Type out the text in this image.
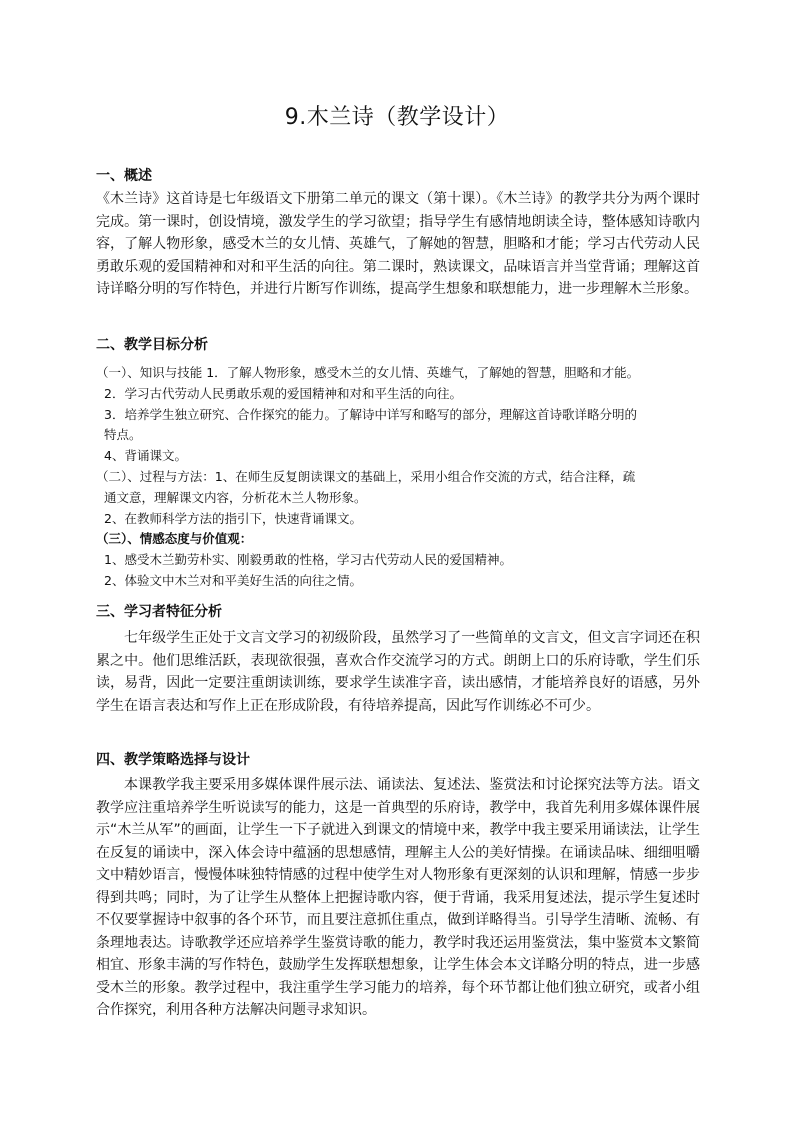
9.木兰诗（教学设计）
一、概述
《木兰诗》这首诗是七年级语文下册第二单元的课文（第十课）。《木兰诗》的教学共分为两个课时完成。第一课时，创设情境，激发学生的学习欲望；指导学生有感情地朗读全诗，整体感知诗歌内容，了解人物形象，感受木兰的女儿情、英雄气，了解她的智慧，胆略和才能；学习古代劳动人民勇敢乐观的爱国精神和对和平生活的向往。第二课时，熟读课文，品味语言并当堂背诵；理解这首诗详略分明的写作特色，并进行片断写作训练，提高学生想象和联想能力，进一步理解木兰形象。
二、教学目标分析
（一）、知识与技能 1．了解人物形象，感受木兰的女儿情、英雄气，了解她的智慧，胆略和才能。
2．学习古代劳动人民勇敢乐观的爱国精神和对和平生活的向往。
3．培养学生独立研究、合作探究的能力。了解诗中详写和略写的部分，理解这首诗歌详略分明的
特点。
4、背诵课文。
（二）、过程与方法：1、在师生反复朗读课文的基础上，采用小组合作交流的方式，结合注释，疏
通文意，理解课文内容，分析花木兰人物形象。
2、在教师科学方法的指引下，快速背诵课文。
（三）、情感态度与价值观：
1、感受木兰勤劳朴实、刚毅勇敢的性格，学习古代劳动人民的爱国精神。
2、体验文中木兰对和平美好生活的向往之情。
三、学习者特征分析
七年级学生正处于文言文学习的初级阶段，虽然学习了一些简单的文言文，但文言字词还在积累之中。他们思维活跃，表现欲很强，喜欢合作交流学习的方式。朗朗上口的乐府诗歌，学生们乐读，易背，因此一定要注重朗读训练，要求学生读准字音，读出感情，才能培养良好的语感，另外学生在语言表达和写作上正在形成阶段，有待培养提高，因此写作训练必不可少。
四、教学策略选择与设计
本课教学我主要采用多媒体课件展示法、诵读法、复述法、鉴赏法和讨论探究法等方法。语文教学应注重培养学生听说读写的能力，这是一首典型的乐府诗，教学中，我首先利用多媒体课件展示“木兰从军”的画面，让学生一下子就进入到课文的情境中来，教学中我主要采用诵读法，让学生在反复的诵读中，深入体会诗中蕴涵的思想感情，理解主人公的美好情操。在诵读品味、细细咀嚼文中精妙语言，慢慢体味独特情感的过程中使学生对人物形象有更深刻的认识和理解，情感一步步得到共鸣；同时，为了让学生从整体上把握诗歌内容，便于背诵，我采用复述法，提示学生复述时不仅要掌握诗中叙事的各个环节，而且要注意抓住重点，做到详略得当。引导学生清晰、流畅、有条理地表达。诗歌教学还应培养学生鉴赏诗歌的能力，教学时我还运用鉴赏法，集中鉴赏本文繁简相宜、形象丰满的写作特色，鼓励学生发挥联想想象，让学生体会本文详略分明的特点，进一步感受木兰的形象。教学过程中，我注重学生学习能力的培养，每个环节都让他们独立研究，或者小组合作探究，利用各种方法解决问题寻求知识。
